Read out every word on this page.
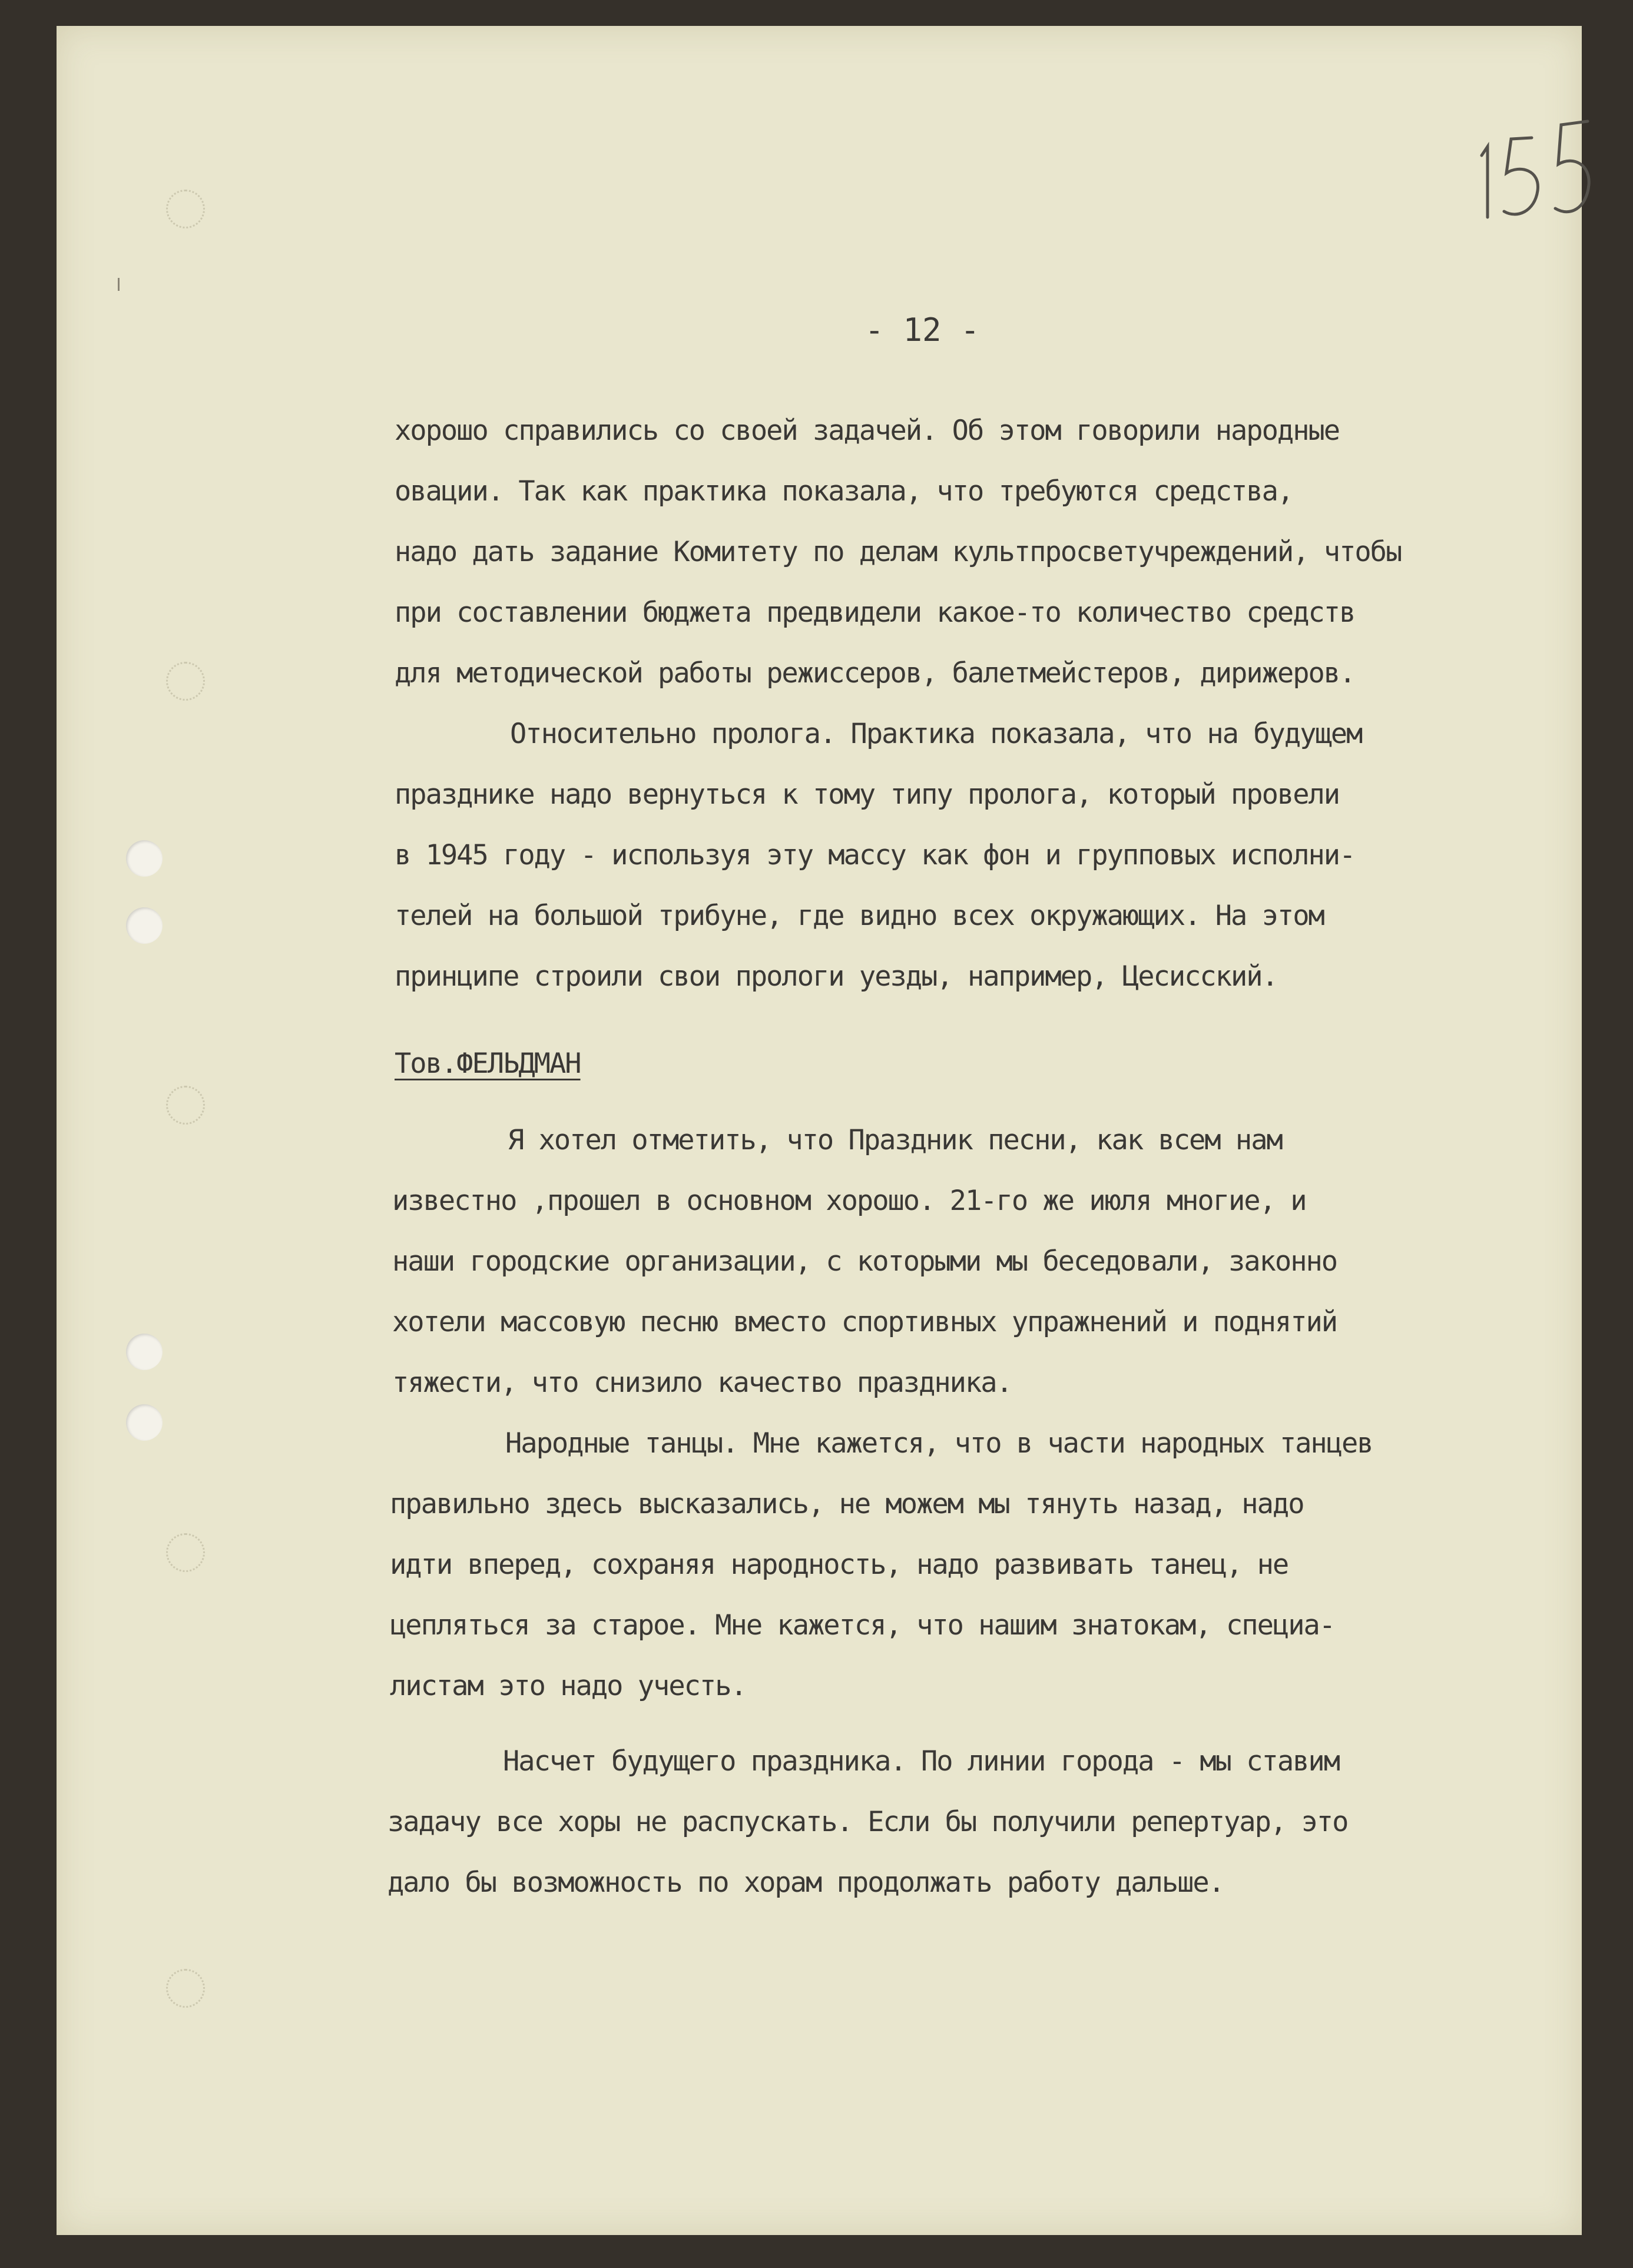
155
- 12 -
хорошо справились со своей задачей. Об этом говорили народные
овации. Так как практика показала, что требуются средства,
надо дать задание Комитету по делам культпросветучреждений, чтобы
при составлении бюджета предвидели какое-то количество средств
для методической работы режиссеров, балетмейстеров, дирижеров.
Относительно пролога. Практика показала, что на будущем
празднике надо вернуться к тому типу пролога, который провели
в 1945 году - используя эту массу как фон и групповых исполни-
телей на большой трибуне, где видно всех окружающих. На этом
принципе строили свои прологи уезды, например, Цесисский.
Тов.ФЕЛЬДМАН
Я хотел отметить, что Праздник песни, как всем нам
известно ,прошел в основном хорошо. 21-го же июля многие, и
наши городские организации, с которыми мы беседовали, законно
хотели массовую песню вместо спортивных упражнений и поднятий
тяжести, что снизило качество праздника.
Народные танцы. Мне кажется, что в части народных танцев
правильно здесь высказались, не можем мы тянуть назад, надо
идти вперед, сохраняя народность, надо развивать танец, не
цепляться за старое. Мне кажется, что нашим знатокам, специа-
листам это надо учесть.
Насчет будущего праздника. По линии города - мы ставим
задачу все хоры не распускать. Если бы получили репертуар, это
дало бы возможность по хорам продолжать работу дальше.
